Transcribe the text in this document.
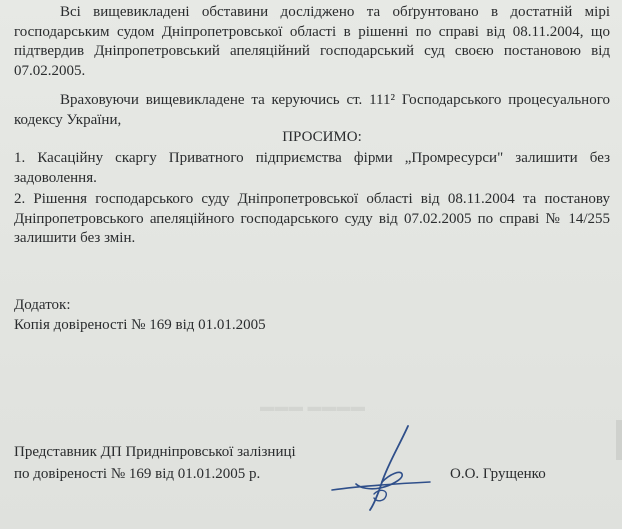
▬▬▬ ▬▬▬▬

Всі вищевикладені обставини досліджено та обґрунтовано в достатній мірі господарським судом Дніпропетровської області в рішенні по справі від 08.11.2004, що підтвердив Дніпропетровський апеляційний господарський суд своєю постановою від 07.02.2005.

Враховуючи вищевикладене та керуючись ст. 111² Господарського процесуального кодексу України,

ПРОСИМО:

1. Касаційну скаргу Приватного підприємства фірми „Промресурси" залишити без задоволення.

2. Рішення господарського суду Дніпропетровської області від 08.11.2004 та постанову Дніпропетровського апеляційного господарського суду від 07.02.2005 по справі № 14/255 залишити без змін.

Додаток:
Копія довіреності № 169 від 01.01.2005
Представник ДП Придніпровської залізниці
по довіреності № 169 від 01.01.2005 р.	О.О. Грущенко
